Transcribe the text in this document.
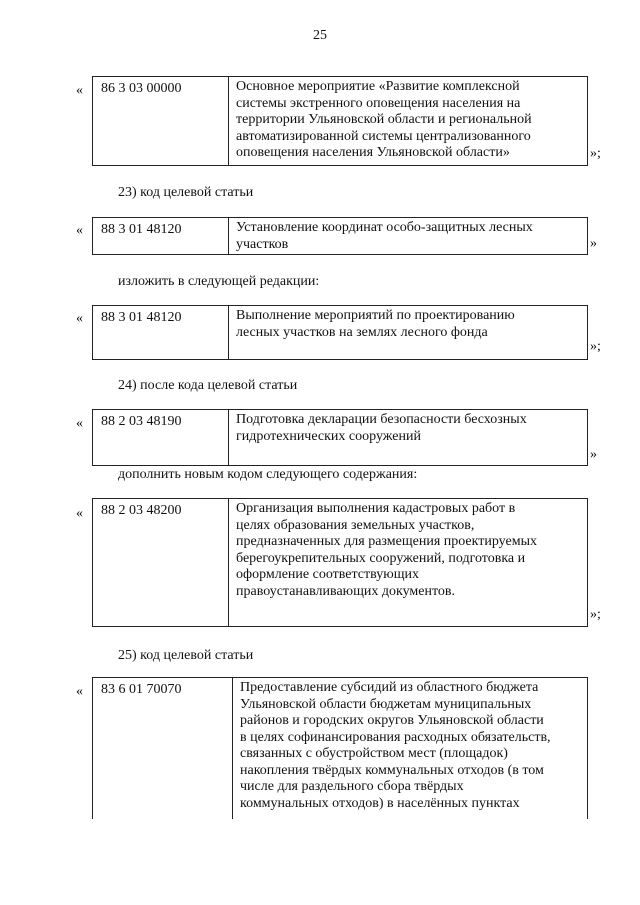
25
«	86 3 03 00000	Основное мероприятие «Развитие комплексной
системы экстренного оповещения населения на
территории Ульяновской области и региональной
автоматизированной системы централизованного
оповещения населения Ульяновской области»	»;
23) код целевой статьи
«	88 3 01 48120	Установление координат особо-защитных лесных
участков	»
изложить в следующей редакции:
«	88 3 01 48120	Выполнение мероприятий по проектированию
лесных участков на землях лесного фонда
»;
24) после кода целевой статьи
«	88 2 03 48190	Подготовка декларации безопасности бесхозных
гидротехнических сооружений
»
дополнить новым кодом следующего содержания:
«	88 2 03 48200	Организация выполнения кадастровых работ в
целях образования земельных участков,
предназначенных для размещения проектируемых
берегоукрепительных сооружений, подготовка и
оформление соответствующих
правоустанавливающих документов.
»;
25) код целевой статьи
«	83 6 01 70070	Предоставление субсидий из областного бюджета
Ульяновской области бюджетам муниципальных
районов и городских округов Ульяновской области
в целях софинансирования расходных обязательств,
связанных с обустройством мест (площадок)
накопления твёрдых коммунальных отходов (в том
числе для раздельного сбора твёрдых
коммунальных отходов) в населённых пунктах
